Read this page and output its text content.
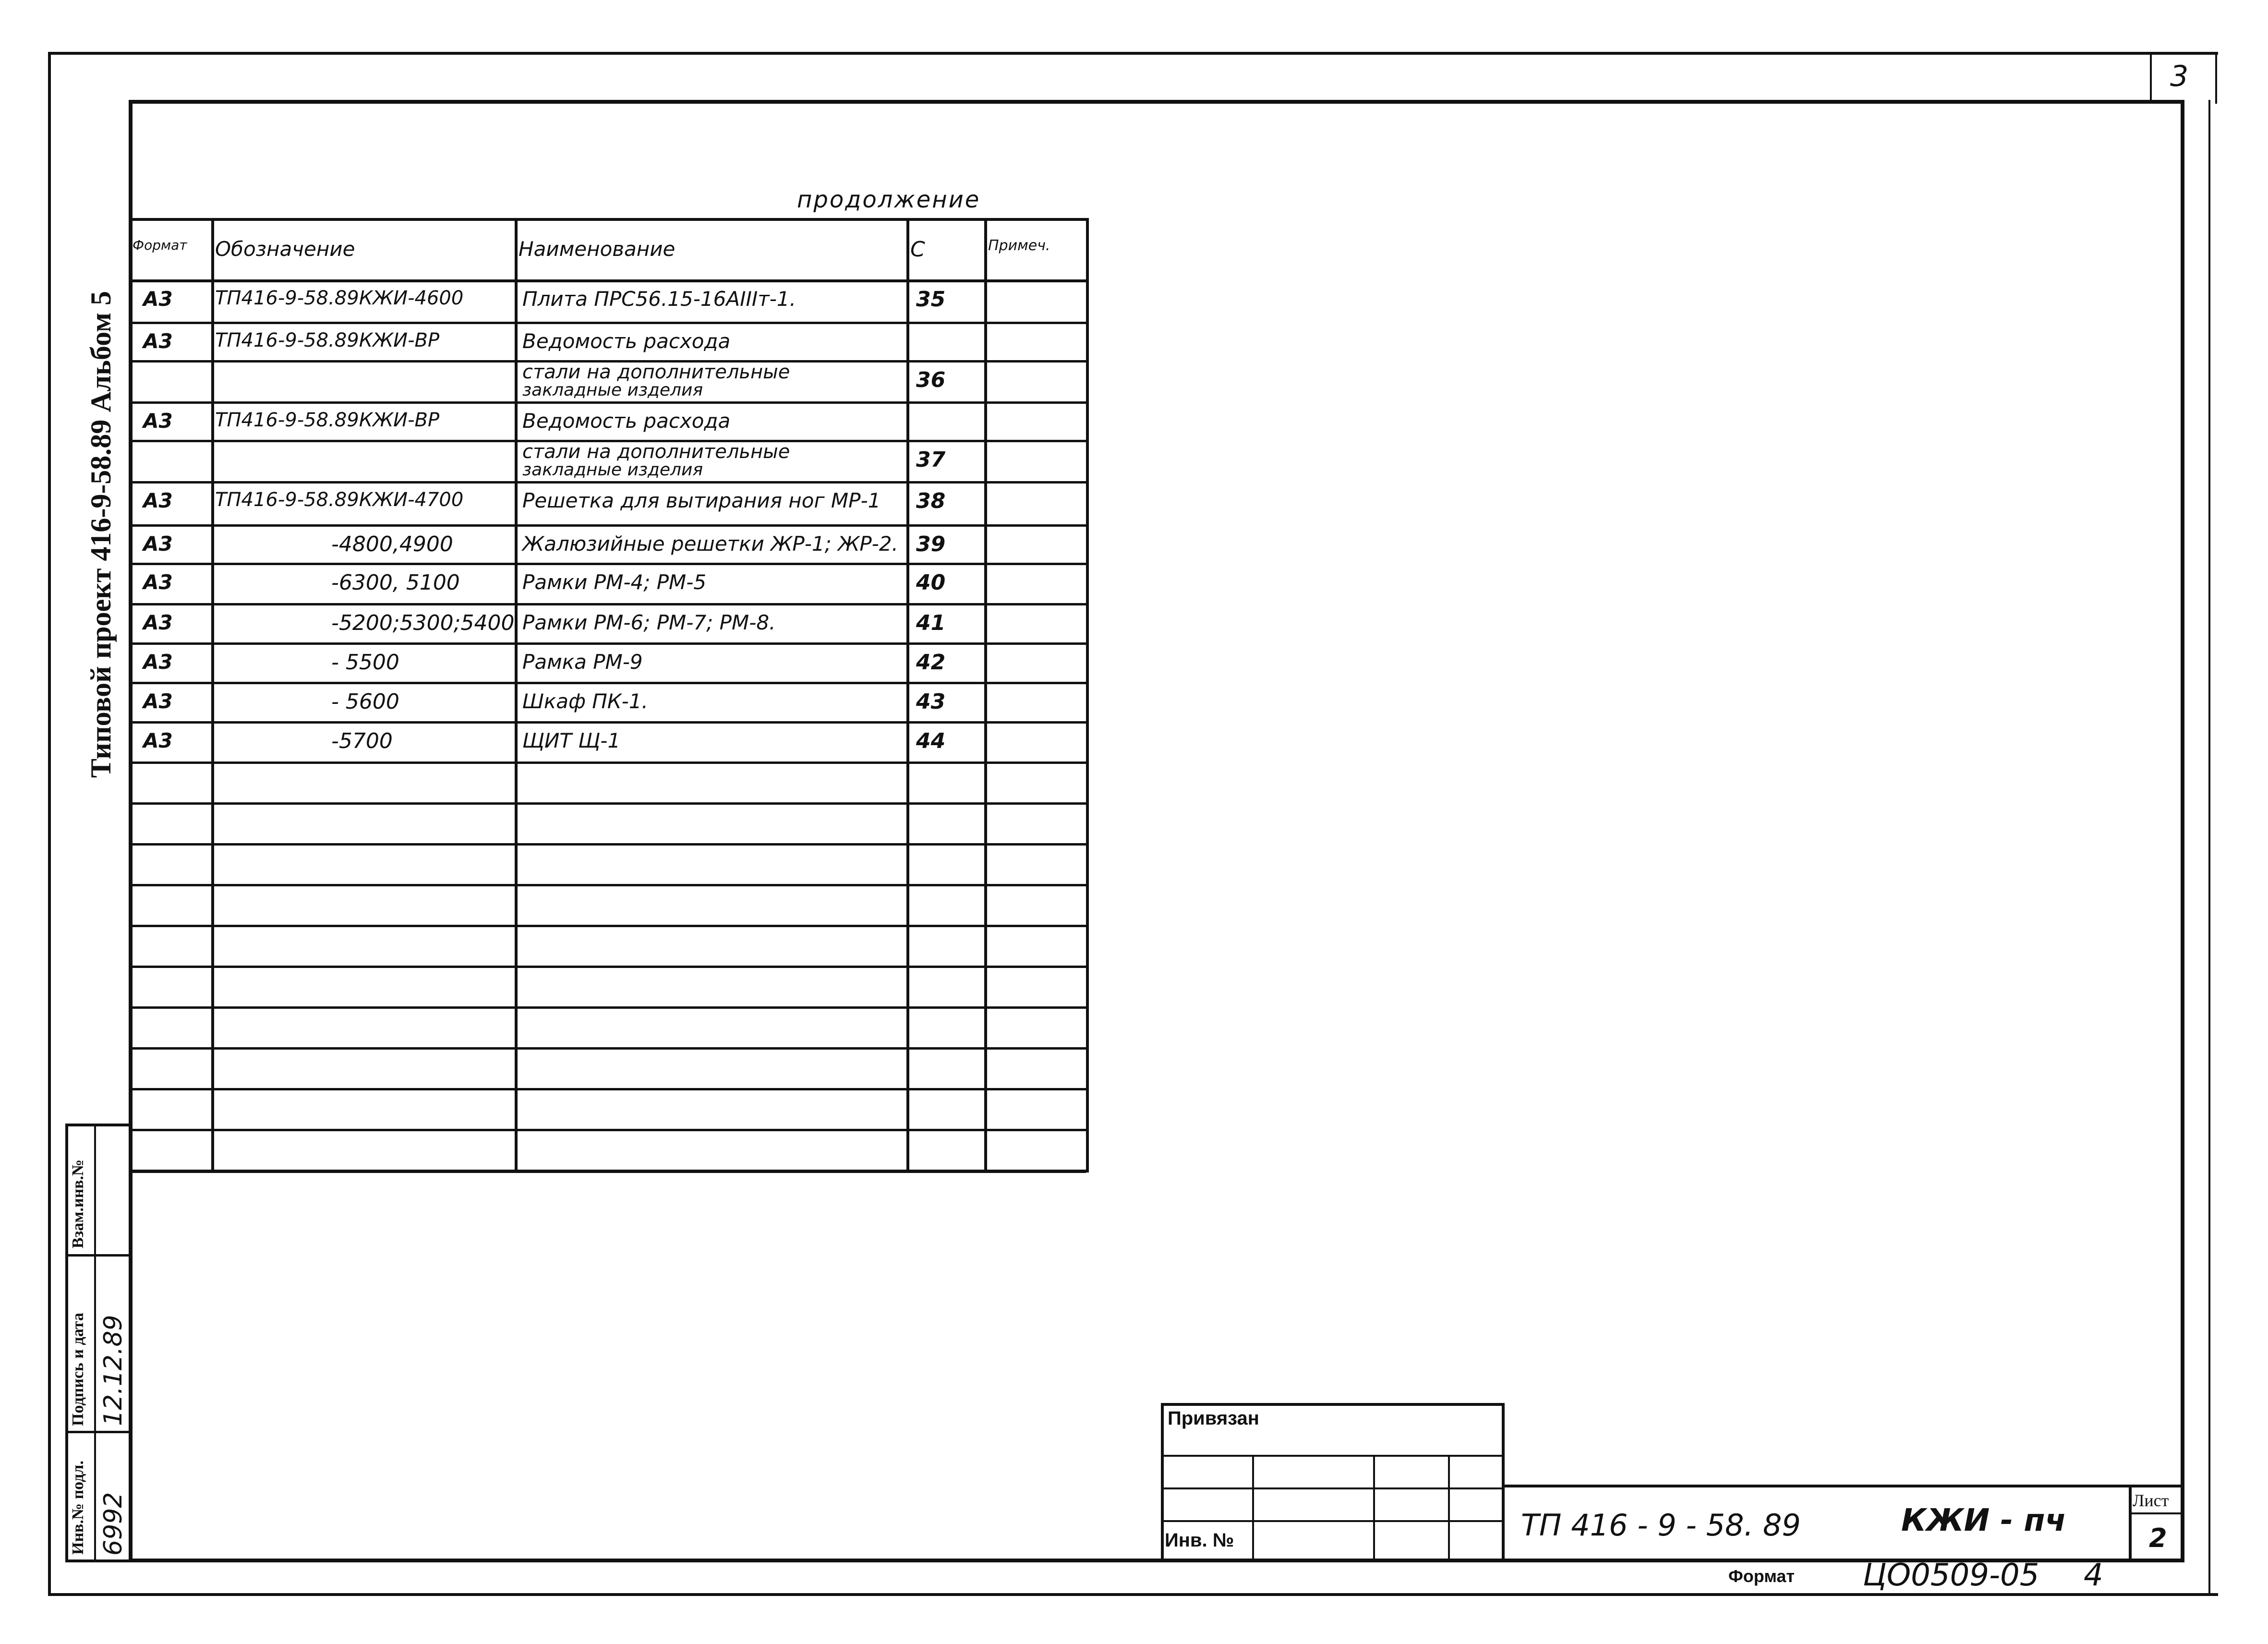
3
Типовой проект 416-9-58.89 Альбом 5
продолжение
Инв.№ подл. 6992
Подпись и дата 12.12.89
Взам.инв.№
Привязан
Инв. №	ТП 416 - 9 - 58. 89	КЖИ - пч
Лист
2
Формат ЦО0509-05 4
Формат Обозначение	Наименование	С	Примеч.
А3 ТП416-9-58.89КЖИ-4600	Плита ПРС56.15-16АIIIт-1.	35
А3 ТП416-9-58.89КЖИ-ВР	Ведомость расхода
стали на дополнительные
закладные изделия	36
А3 ТП416-9-58.89КЖИ-ВР	Ведомость расхода
стали на дополнительные
закладные изделия	37
А3 ТП416-9-58.89КЖИ-4700	Решетка для вытирания ног МР-1 38
А3	-4800,4900	Жалюзийные решетки ЖР-1; ЖР-2. 39
А3	-6300, 5100	Рамки РМ-4; РМ-5	40
А3	-5200;5300;5400 Рамки РМ-6; РМ-7; РМ-8.	41
А3	- 5500	Рамка РМ-9	42
А3	- 5600	Шкаф ПК-1.	43
А3	-5700	ЩИТ Щ-1	44
